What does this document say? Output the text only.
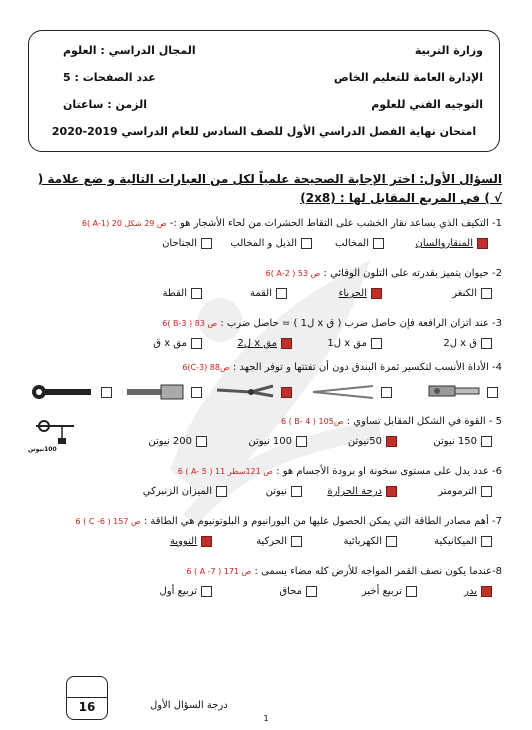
وزارة التربية
الإدارة العامة للتعليم الخاص
التوجيه الفني للعلوم
المجال الدراسي : العلوم
عدد الصفحات : 5
الزمن : ساعتان
امتحان نهاية الفصل الدراسي الأول للصف السادس للعام الدراسي 2019-2020
السؤال الأول: اختر الإجابة الصحيحة علمياً لكل من العبارات التالية و ضع علامة ( √ ) في المربع المقابل لها : (2x8)
1- التكيف الذي يساعد نقار الخشب على التقاط الحشرات من لحاء الأشجار هو :- ص 29 شكل 20 (1-A )6
المنقاروالسان
المخالب
الذيل و المخالب
الجناحان
2- حيوان يتميز بقدرته على التلون الوقائي : ص 53 ( A-2 )6
الكنغر
الحرباء
القمة
القطة
3- عند اتزان الرافعة فإن حاصل ضرب ( ق x ل1 ) = حاصل ضرب : ص 83 ( B-3 )6
ق x ل2
مق x ل1
مق x ل2
مق x ق
4- الأداة الأنسب لتكسير ثمرة البندق دون أن تفتتها و توفر الجهد : ص88 (C-3)6
5 - القوة في الشكل المقابل تساوي : ص105 ( B- 4 ) 6
150 نيوتن
50نيوتن
100 نيوتن
200 نيوتن
100نيوتن
6- عدد يدل على مستوى سخونة او برودة الأجسام هو : ص 121سطر 11 ( A- 5 ) 6
الترمومتر
درجة الحرارة
نيوتن
الميزان الزنبركي
7- أهم مصادر الطاقة التي يمكن الحصول عليها من اليورانيوم و البلوتونيوم هي الطاقة : ص 157 ( C -6 ) 6
الميكانيكية
الكهربائية
الحركية
النووية
8-عندما يكون نصف القمر المواجه للأرض كله مضاء يسمى : ص 171 ( A -7 ) 6
بدر
تربيع أخير
محاق
تربيع أول
16	درجة السؤال الأول
1
